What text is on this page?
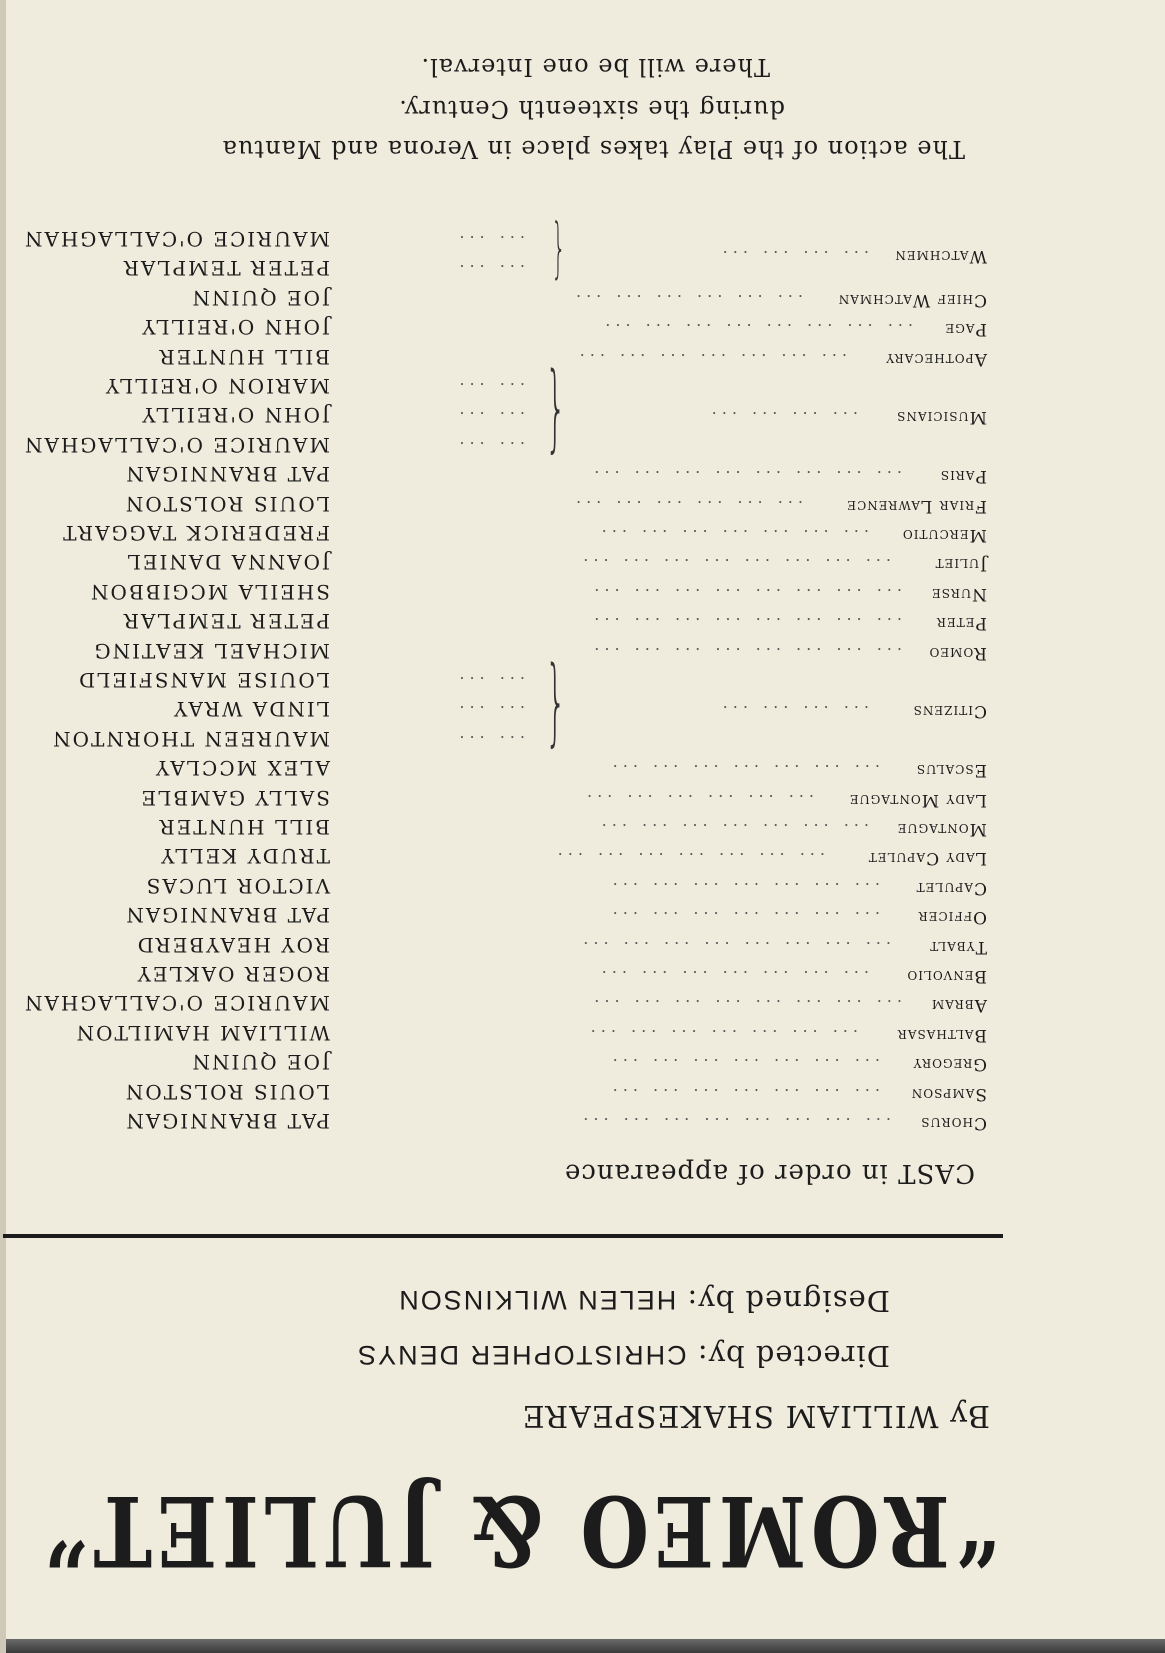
“ROMEO & JULIET”
By WILLIAM SHAKESPEARE
Directed by: CHRISTOPHER DENYS
Designed by: HELEN WILKINSON
CAST in order of appearance
Chorus
... ... ... ... ... ... ... ...
PAT BRANNIGAN
Sampson
... ... ... ... ... ... ...
LOUIS ROLSTON
Gregory
... ... ... ... ... ... ...
JOE QUINN
Balthasar
... ... ... ... ... ... ...
WILLIAM HAMILTON
Abram
... ... ... ... ... ... ... ...
MAURICE O'CALLAGHAN
Benvolio
... ... ... ... ... ... ...
ROGER OAKLEY
Tybalt
... ... ... ... ... ... ... ...
ROY HEAYBERD
Officer
... ... ... ... ... ... ...
PAT BRANNIGAN
Capulet
... ... ... ... ... ... ...
VICTOR LUCAS
Lady Capulet
... ... ... ... ... ... ...
TRUDY KELLY
Montague
... ... ... ... ... ... ...
BILL HUNTER
Lady Montague
... ... ... ... ... ...
SALLY GAMBLE
Escalus
... ... ... ... ... ... ...
ALEX MCCLAY
... ...
MAUREEN THORNTON
Citizens
... ... ... ...
... ...
LINDA WRAY
... ...
LOUISE MANSFIELD {
Romeo
... ... ... ... ... ... ... ...
MICHAEL KEATING
Peter
... ... ... ... ... ... ... ...
PETER TEMPLAR
Nurse
... ... ... ... ... ... ... ...
SHEILA MCGIBBON
Juliet
... ... ... ... ... ... ... ...
JOANNA DANIEL
Mercutio
... ... ... ... ... ... ...
FREDERICK TAGGART
Friar Lawrence
... ... ... ... ... ...
LOUIS ROLSTON
Paris
... ... ... ... ... ... ... ...
PAT BRANNIGAN
... ...
MAURICE O'CALLAGHAN
Musicians
... ... ... ...
... ...
JOHN O'REILLY
... ...
MARION O'REILLY {
Apothecary
... ... ... ... ... ... ...
BILL HUNTER
Page
... ... ... ... ... ... ... ...
JOHN O'REILLY
Chief Watchman
... ... ... ... ... ...
JOE QUINN
Watchmen
... ... ... ...
... ...
PETER TEMPLAR
... ...
MAURICE O'CALLAGHAN	{
The action of the Play takes place in Verona and Mantua
during the sixteenth Century.
There will be one Interval.
